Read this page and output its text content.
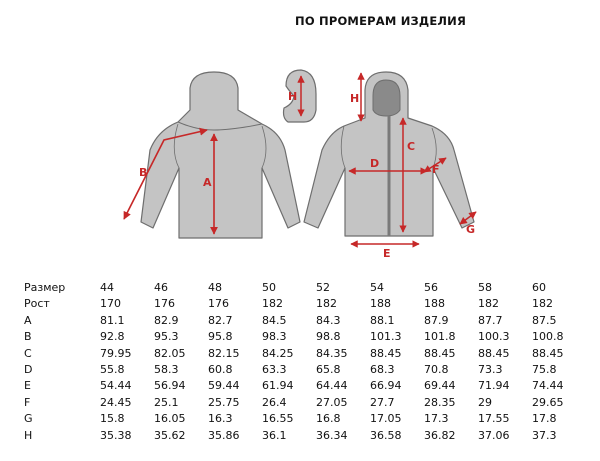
ПО ПРОМЕРАМ ИЗДЕЛИЯ
A
B
H	H
C
D
E
F
G
Размер	44	46	48	50	52	54	56	58	60
Рост	170	176	176	182	182	188	188	182	182
A	81.1	82.9	82.7	84.5	84.3	88.1	87.9	87.7	87.5
B	92.8	95.3	95.8	98.3	98.8	101.3	101.8	100.3	100.8
C	79.95	82.05	82.15	84.25	84.35	88.45	88.45	88.45	88.45
D	55.8	58.3	60.8	63.3	65.8	68.3	70.8	73.3	75.8
E	54.44	56.94	59.44	61.94	64.44	66.94	69.44	71.94	74.44
F	24.45	25.1	25.75	26.4	27.05	27.7	28.35	29	29.65
G	15.8	16.05	16.3	16.55	16.8	17.05	17.3	17.55	17.8
H	35.38	35.62	35.86	36.1	36.34	36.58	36.82	37.06	37.3
